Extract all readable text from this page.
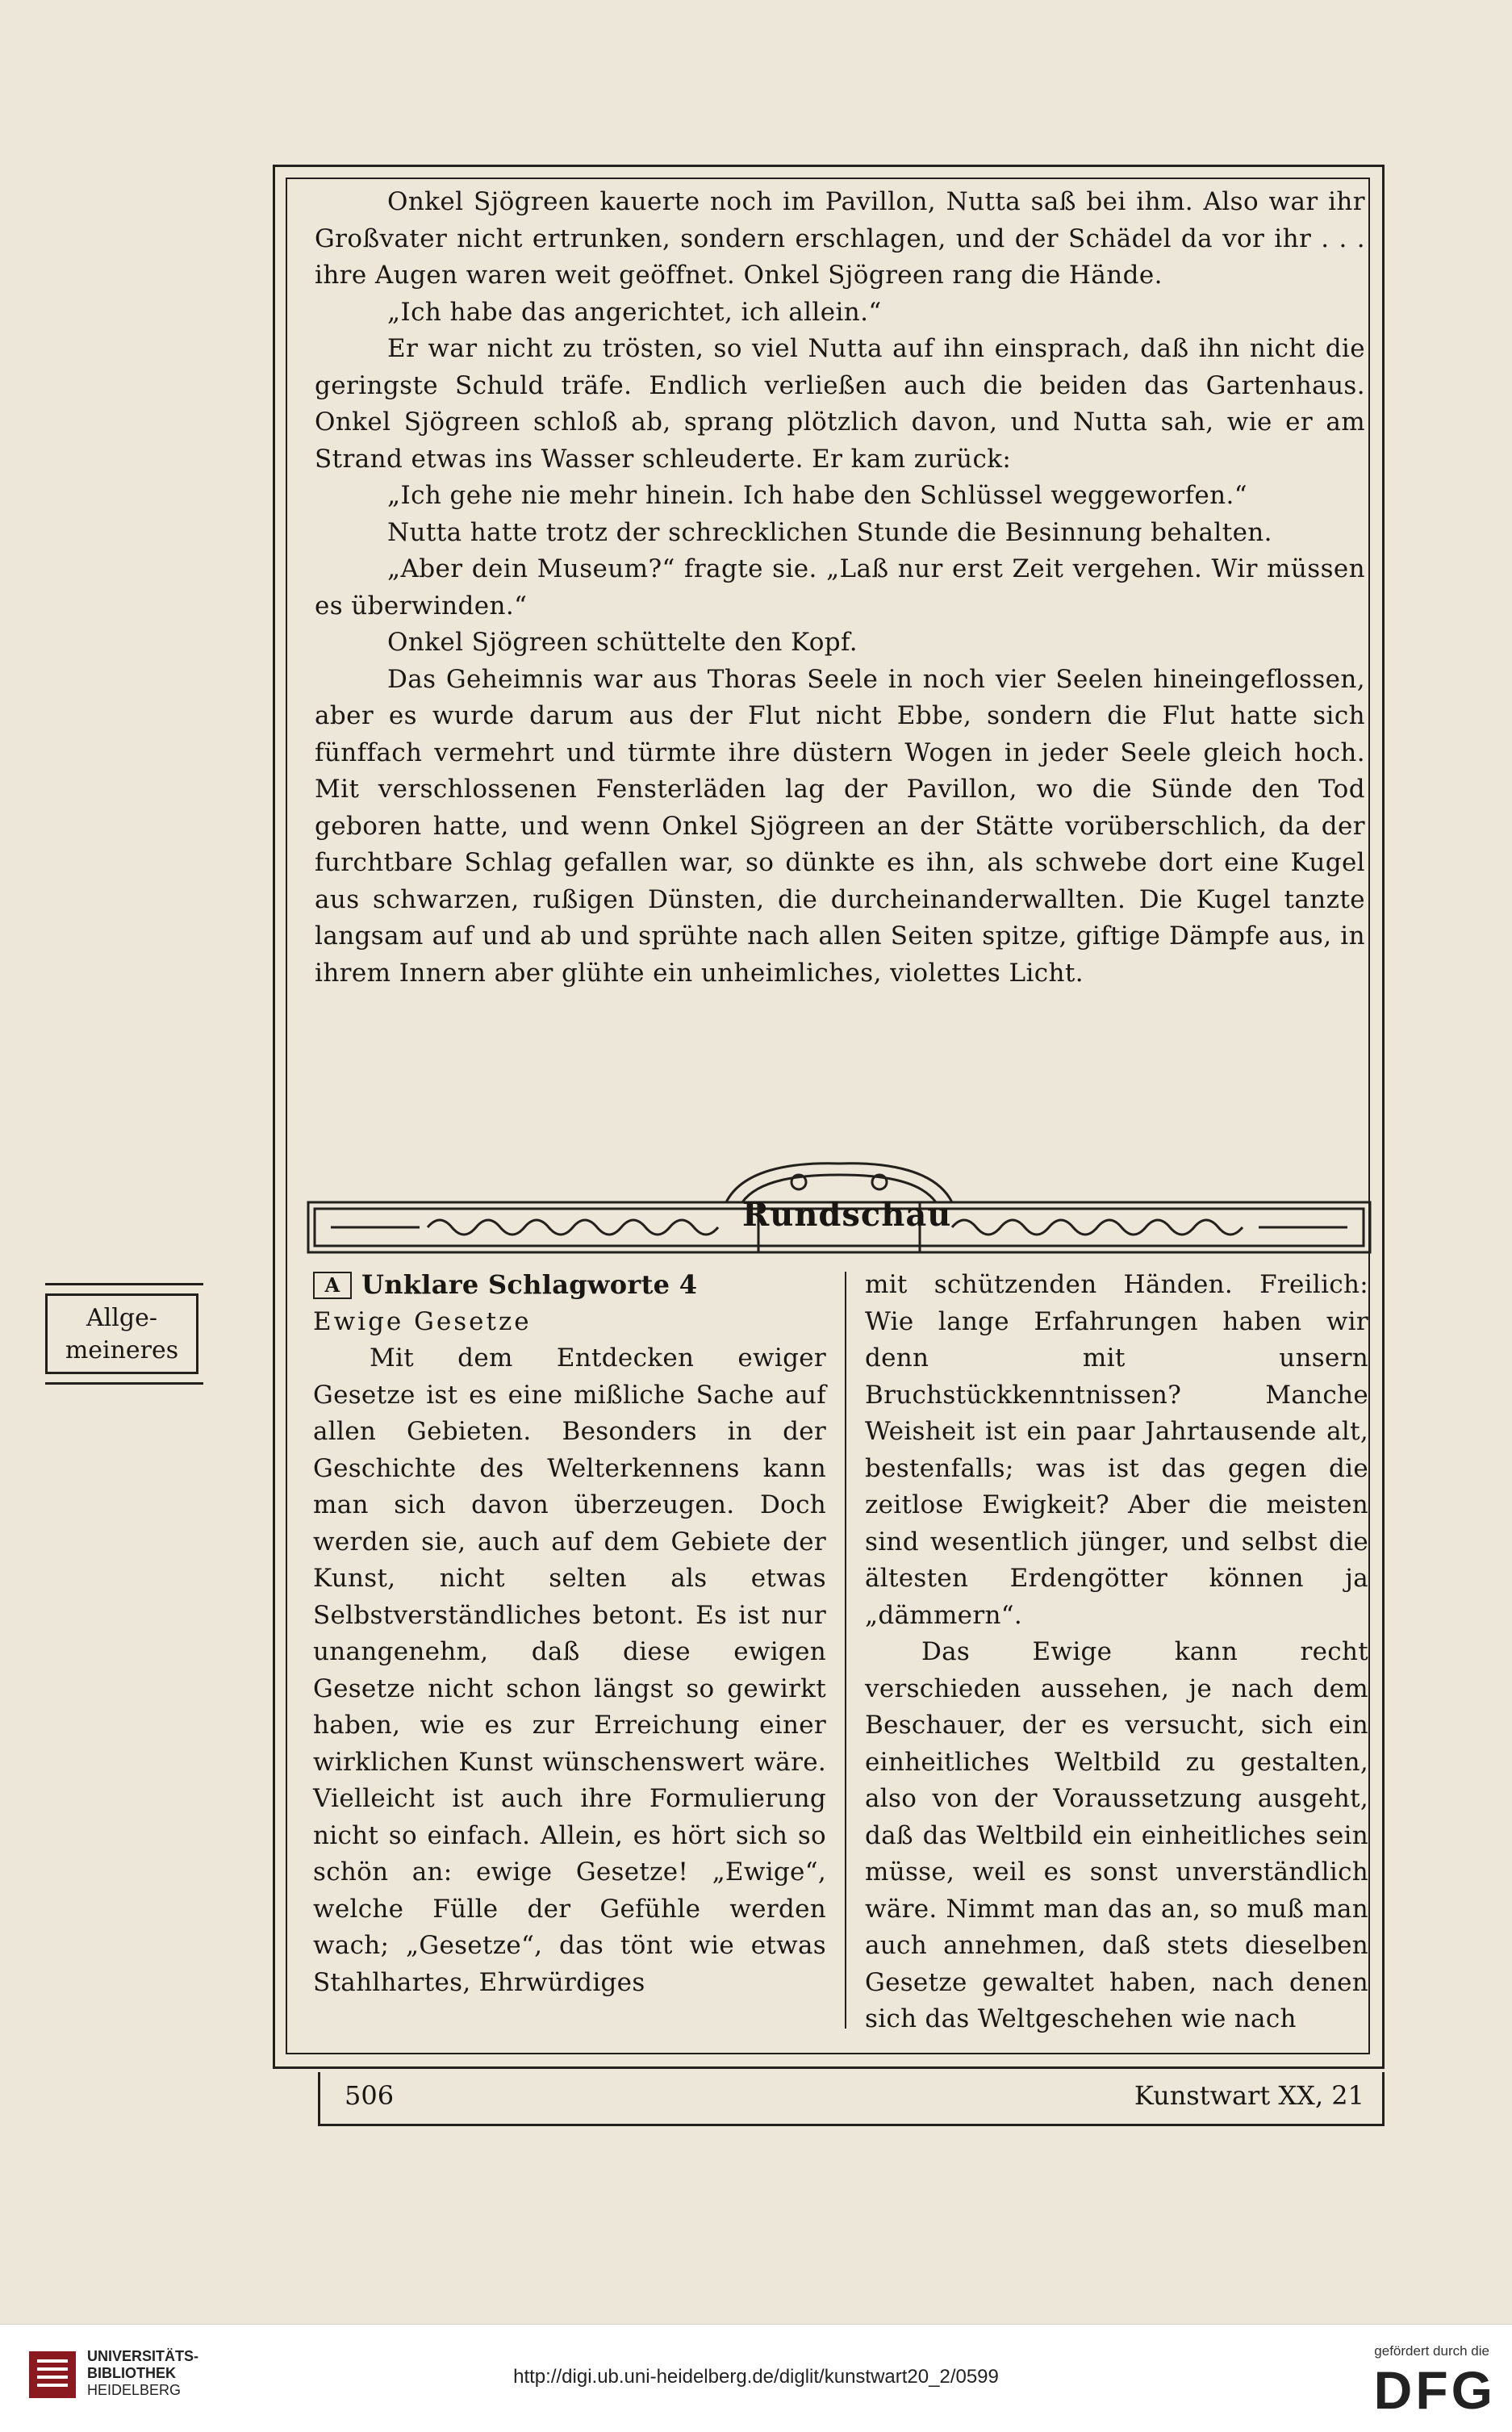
Onkel Sjögreen kauerte noch im Pavillon, Nutta saß bei ihm. Also war ihr Großvater nicht ertrunken, sondern erschlagen, und der Schädel da vor ihr . . . ihre Augen waren weit geöffnet. Onkel Sjögreen rang die Hände.

„Ich habe das angerichtet, ich allein.“

Er war nicht zu trösten, so viel Nutta auf ihn einsprach, daß ihn nicht die geringste Schuld träfe. Endlich verließen auch die beiden das Gartenhaus. Onkel Sjögreen schloß ab, sprang plötzlich davon, und Nutta sah, wie er am Strand etwas ins Wasser schleuderte. Er kam zurück:

„Ich gehe nie mehr hinein. Ich habe den Schlüssel weggeworfen.“

Nutta hatte trotz der schrecklichen Stunde die Besinnung behalten.

„Aber dein Museum?“ fragte sie. „Laß nur erst Zeit vergehen. Wir müssen es überwinden.“

Onkel Sjögreen schüttelte den Kopf.

Das Geheimnis war aus Thoras Seele in noch vier Seelen hineingeflossen, aber es wurde darum aus der Flut nicht Ebbe, sondern die Flut hatte sich fünffach vermehrt und türmte ihre düstern Wogen in jeder Seele gleich hoch. Mit verschlossenen Fensterläden lag der Pavillon, wo die Sünde den Tod geboren hatte, und wenn Onkel Sjögreen an der Stätte vorüberschlich, da der furchtbare Schlag gefallen war, so dünkte es ihn, als schwebe dort eine Kugel aus schwarzen, rußigen Dünsten, die durcheinanderwallten. Die Kugel tanzte langsam auf und ab und sprühte nach allen Seiten spitze, giftige Dämpfe aus, in ihrem Innern aber glühte ein unheimliches, violettes Licht.

Rundschau

A Unklare Schlagworte 4

Ewige Gesetze

Mit dem Entdecken ewiger Gesetze ist es eine mißliche Sache auf allen Gebieten. Besonders in der Geschichte des Welterkennens kann man sich davon überzeugen. Doch werden sie, auch auf dem Gebiete der Kunst, nicht selten als etwas Selbstverständliches betont. Es ist nur unangenehm, daß diese ewigen Gesetze nicht schon längst so gewirkt haben, wie es zur Erreichung einer wirklichen Kunst wünschenswert wäre. Vielleicht ist auch ihre Formulierung nicht so einfach. Allein, es hört sich so schön an: ewige Gesetze! „Ewige“, welche Fülle der Gefühle werden wach; „Gesetze“, das tönt wie etwas Stahlhartes, Ehrwürdiges

mit schützenden Händen. Freilich: Wie lange Erfahrungen haben wir denn mit unsern Bruchstückkenntnissen? Manche Weisheit ist ein paar Jahrtausende alt, bestenfalls; was ist das gegen die zeitlose Ewigkeit? Aber die meisten sind wesentlich jünger, und selbst die ältesten Erdengötter können ja „dämmern“.

Das Ewige kann recht verschieden aussehen, je nach dem Beschauer, der es versucht, sich ein einheitliches Weltbild zu gestalten, also von der Voraussetzung ausgeht, daß das Weltbild ein einheitliches sein müsse, weil es sonst unverständlich wäre. Nimmt man das an, so muß man auch annehmen, daß stets dieselben Gesetze gewaltet haben, nach denen sich das Weltgeschehen wie nach

Allge-
meineres
506	Kunstwart XX, 21
UNIVERSITÄTS-
BIBLIOTHEK
HEIDELBERG
http://digi.ub.uni-heidelberg.de/diglit/kunstwart20_2/0599
gefördert durch die
DFG
